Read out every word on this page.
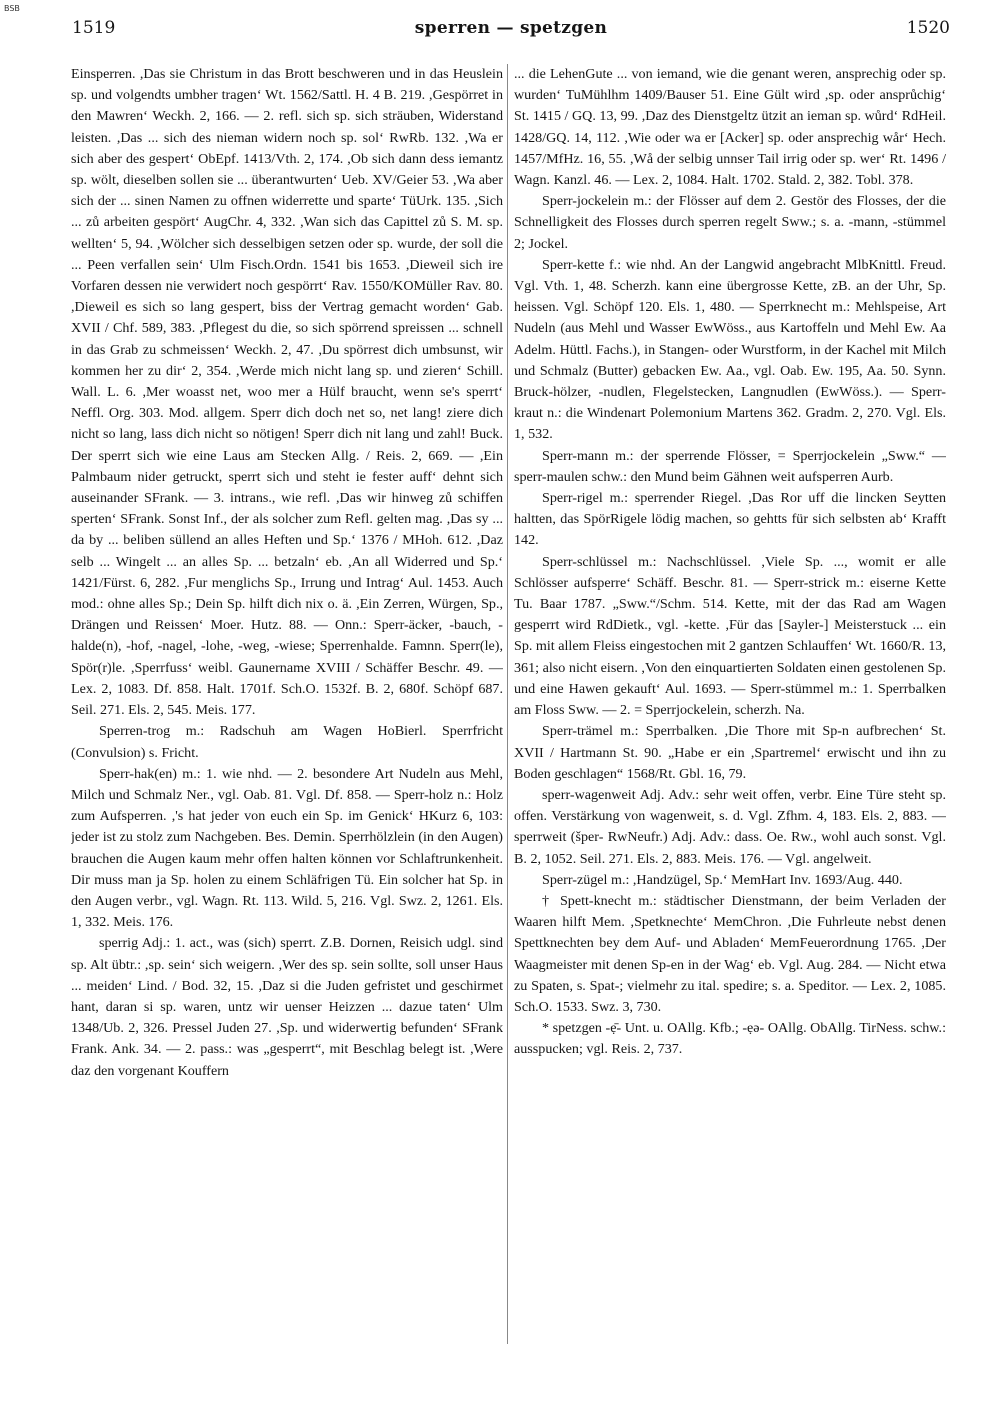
BSB
1519	sperren — spetzgen	1520

Einsperren. ,Das sie Christum in das Brott beschweren und in das Heuslein sp. und volgendts umbher tragen‘ Wt. 1562/Sattl. H. 4 B. 219. ,Gespörret in den Mawren‘ Weckh. 2, 166. — 2. refl. sich sp. sich sträuben, Widerstand leisten. ,Das ... sich des nieman widern noch sp. sol‘ RwRb. 132. ,Wa er sich aber des gespert‘ ObEpf. 1413/Vth. 2, 174. ,Ob sich dann dess iemantz sp. wölt, dieselben sollen sie ... überantwurten‘ Ueb. XV/Geier 53. ,Wa aber sich der ... sinen Namen zu offnen widerrette und sparte‘ TüUrk. 135. ,Sich ... zů arbeiten gespört‘ AugChr. 4, 332. ,Wan sich das Capittel zů S. M. sp. wellten‘ 5, 94. ,Wölcher sich desselbigen setzen oder sp. wurde, der soll die ... Peen verfallen sein‘ Ulm Fisch.Ordn. 1541 bis 1653. ,Dieweil sich ire Vorfaren dessen nie verwidert noch gespörrt‘ Rav. 1550/KOMüller Rav. 80. ,Dieweil es sich so lang gespert, biss der Vertrag gemacht worden‘ Gab. XVII / Chf. 589, 383. ,Pflegest du die, so sich spörrend spreissen ... schnell in das Grab zu schmeissen‘ Weckh. 2, 47. ,Du spörrest dich umbsunst, wir kommen her zu dir‘ 2, 354. ,Werde mich nicht lang sp. und zieren‘ Schill. Wall. L. 6. ,Mer woasst net, woo mer a Hülf braucht, wenn se's sperrt‘ Neffl. Org. 303. Mod. allgem. Sperr dich doch net so, net lang! ziere dich nicht so lang, lass dich nicht so nötigen! Sperr dich nit lang und zahl! Buck. Der sperrt sich wie eine Laus am Stecken Allg. / Reis. 2, 669. — ,Ein Palmbaum nider getruckt, sperrt sich und steht ie fester auff‘ dehnt sich auseinander SFrank. — 3. intrans., wie refl. ,Das wir hinweg zů schiffen sperten‘ SFrank. Sonst Inf., der als solcher zum Refl. gelten mag. ,Das sy ... da by ... beliben süllend an alles Heften und Sp.‘ 1376 / MHoh. 612. ,Daz selb ... Wingelt ... an alles Sp. ... betzaln‘ eb. ,An all Widerred und Sp.‘ 1421/Fürst. 6, 282. ,Fur menglichs Sp., Irrung und Intrag‘ Aul. 1453. Auch mod.: ohne alles Sp.; Dein Sp. hilft dich nix o. ä. ,Ein Zerren, Würgen, Sp., Drängen und Reissen‘ Moer. Hutz. 88. — Onn.: Sperr-äcker, -bauch, -halde(n), -hof, -nagel, -lohe, -weg, -wiese; Sperrenhalde. Famnn. Sperr(le), Spör(r)le. ,Sperrfuss‘ weibl. Gaunername XVIII / Schäffer Beschr. 49. — Lex. 2, 1083. Df. 858. Halt. 1701f. Sch.O. 1532f. B. 2, 680f. Schöpf 687. Seil. 271. Els. 2, 545. Meis. 177.

Sperren-trog m.: Radschuh am Wagen HoBierl. Sperrfricht (Convulsion) s. Fricht.

Sperr-hak(en) m.: 1. wie nhd. — 2. besondere Art Nudeln aus Mehl, Milch und Schmalz Ner., vgl. Oab. 81. Vgl. Df. 858. — Sperr-holz n.: Holz zum Aufsperren. ,'s hat jeder von euch ein Sp. im Genick‘ HKurz 6, 103: jeder ist zu stolz zum Nachgeben. Bes. Demin. Sperrhölzlein (in den Augen) brauchen die Augen kaum mehr offen halten können vor Schlaftrunkenheit. Dir muss man ja Sp. holen zu einem Schläfrigen Tü. Ein solcher hat Sp. in den Augen verbr., vgl. Wagn. Rt. 113. Wild. 5, 216. Vgl. Swz. 2, 1261. Els. 1, 332. Meis. 176.

sperrig Adj.: 1. act., was (sich) sperrt. Z.B. Dornen, Reisich udgl. sind sp. Alt übtr.: ,sp. sein‘ sich weigern. ,Wer des sp. sein sollte, soll unser Haus ... meiden‘ Lind. / Bod. 32, 15. ,Daz si die Juden gefristet und geschirmet hant, daran si sp. waren, untz wir uenser Heizzen ... dazue taten‘ Ulm 1348/Ub. 2, 326. Pressel Juden 27. ,Sp. und widerwertig befunden‘ SFrank Frank. Ank. 34. — 2. pass.: was „gesperrt“, mit Beschlag belegt ist. ,Were daz den vorgenant Kouffern

... die LehenGute ... von iemand, wie die genant weren, ansprechig oder sp. wurden‘ TuMühlhm 1409/Bauser 51. Eine Gült wird ,sp. oder ansprůchig‘ St. 1415 / GQ. 13, 99. ,Daz des Dienstgeltz ützit an ieman sp. wůrd‘ RdHeil. 1428/GQ. 14, 112. ,Wie oder wa er [Acker] sp. oder ansprechig wår‘ Hech. 1457/MfHz. 16, 55. ,Wå der selbig unnser Tail irrig oder sp. wer‘ Rt. 1496 / Wagn. Kanzl. 46. — Lex. 2, 1084. Halt. 1702. Stald. 2, 382. Tobl. 378.

Sperr-jockelein m.: der Flösser auf dem 2. Gestör des Flosses, der die Schnelligkeit des Flosses durch sperren regelt Sww.; s. a. -mann, -stümmel 2; Jockel.

Sperr-kette f.: wie nhd. An der Langwid angebracht MlbKnittl. Freud. Vgl. Vth. 1, 48. Scherzh. kann eine übergrosse Kette, zB. an der Uhr, Sp. heissen. Vgl. Schöpf 120. Els. 1, 480. — Sperrknecht m.: Mehlspeise, Art Nudeln (aus Mehl und Wasser EwWöss., aus Kartoffeln und Mehl Ew. Aa Adelm. Hüttl. Fachs.), in Stangen- oder Wurstform, in der Kachel mit Milch und Schmalz (Butter) gebacken Ew. Aa., vgl. Oab. Ew. 195, Aa. 50. Synn. Bruck-hölzer, -nudlen, Flegelstecken, Langnudlen (EwWöss.). — Sperr-kraut n.: die Windenart Polemonium Martens 362. Gradm. 2, 270. Vgl. Els. 1, 532.

Sperr-mann m.: der sperrende Flösser, = Sperrjockelein „Sww.“ — sperr-maulen schw.: den Mund beim Gähnen weit aufsperren Aurb.

Sperr-rigel m.: sperrender Riegel. ,Das Ror uff die lincken Seytten haltten, das SpörRigele lödig machen, so gehtts für sich selbsten ab‘ Krafft 142.

Sperr-schlüssel m.: Nachschlüssel. ,Viele Sp. ..., womit er alle Schlösser aufsperre‘ Schäff. Beschr. 81. — Sperr-strick m.: eiserne Kette Tu. Baar 1787. „Sww.“/Schm. 514. Kette, mit der das Rad am Wagen gesperrt wird RdDietk., vgl. -kette. ,Für das [Sayler-] Meisterstuck ... ein Sp. mit allem Fleiss eingestochen mit 2 gantzen Schlauffen‘ Wt. 1660/R. 13, 361; also nicht eisern. ,Von den einquartierten Soldaten einen gestolenen Sp. und eine Hawen gekauft‘ Aul. 1693. — Sperr-stümmel m.: 1. Sperrbalken am Floss Sww. — 2. = Sperrjockelein, scherzh. Na.

Sperr-trämel m.: Sperrbalken. ,Die Thore mit Sp-n aufbrechen‘ St. XVII / Hartmann St. 90. „Habe er ein ,Spartremel‘ erwischt und ihn zu Boden geschlagen“ 1568/Rt. Gbl. 16, 79.

sperr-wagenweit Adj. Adv.: sehr weit offen, verbr. Eine Türe steht sp. offen. Verstärkung von wagenweit, s. d. Vgl. Zfhm. 4, 183. Els. 2, 883. — sperrweit (šper- RwNeufr.) Adj. Adv.: dass. Oe. Rw., wohl auch sonst. Vgl. B. 2, 1052. Seil. 271. Els. 2, 883. Meis. 176. — Vgl. angelweit.

Sperr-zügel m.: ,Handzügel, Sp.‘ MemHart Inv. 1693/Aug. 440.

† Spett-knecht m.: städtischer Dienstmann, der beim Verladen der Waaren hilft Mem. ,Spetknechte‘ MemChron. ,Die Fuhrleute nebst denen Spettknechten bey dem Auf- und Abladen‘ MemFeuerordnung 1765. ,Der Waagmeister mit denen Sp-en in der Wag‘ eb. Vgl. Aug. 284. — Nicht etwa zu Spaten, s. Spat-; vielmehr zu ital. spedire; s. a. Speditor. — Lex. 2, 1085. Sch.O. 1533. Swz. 3, 730.

* spetzgen -ẹ̄- Unt. u. OAllg. Kfb.; -ẹə- OAllg. ObAllg. TirNess. schw.: ausspucken; vgl. Reis. 2, 737.
